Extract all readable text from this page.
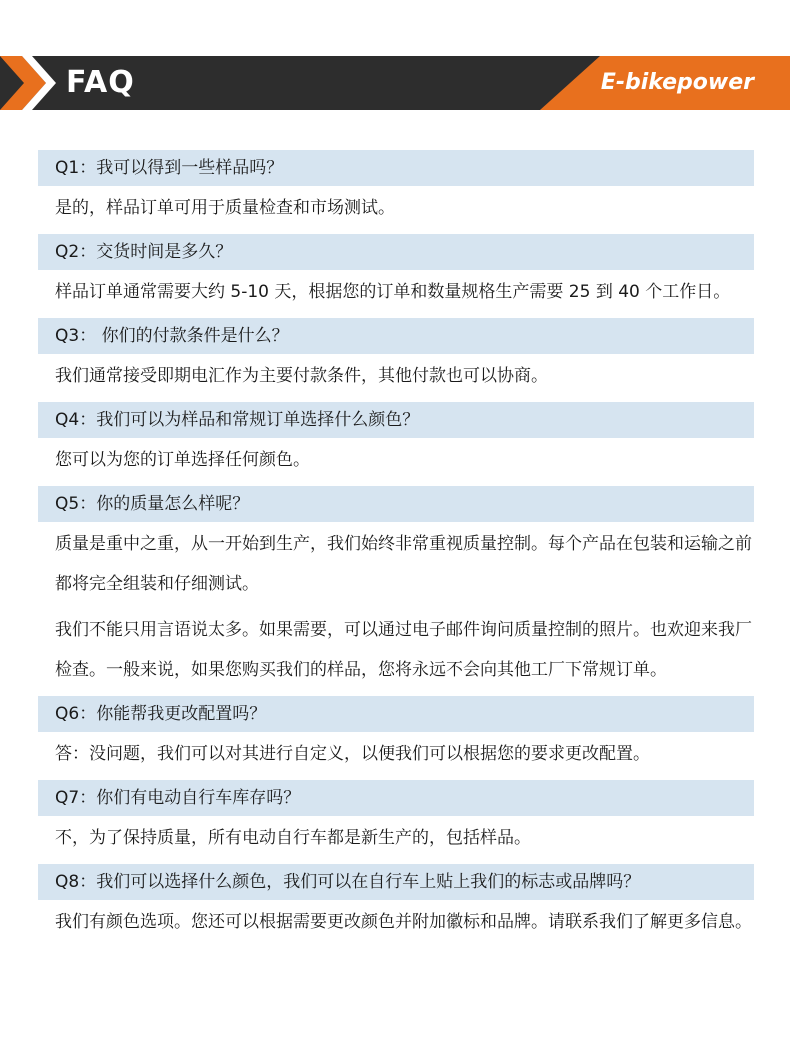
FAQ	E-bikepower
Q1：我可以得到一些样品吗？
是的，样品订单可用于质量检查和市场测试。
Q2：交货时间是多久？
样品订单通常需要大约 5-10 天，根据您的订单和数量规格生产需要 25 到 40 个工作日。
Q3： 你们的付款条件是什么？
我们通常接受即期电汇作为主要付款条件，其他付款也可以协商。
Q4：我们可以为样品和常规订单选择什么颜色？
您可以为您的订单选择任何颜色。
Q5：你的质量怎么样呢？
质量是重中之重，从一开始到生产，我们始终非常重视质量控制。每个产品在包装和运输之前都将完全组装和仔细测试。
我们不能只用言语说太多。如果需要，可以通过电子邮件询问质量控制的照片。也欢迎来我厂检查。一般来说，如果您购买我们的样品，您将永远不会向其他工厂下常规订单。
Q6：你能帮我更改配置吗？
答：没问题，我们可以对其进行自定义，以便我们可以根据您的要求更改配置。
Q7：你们有电动自行车库存吗？
不，为了保持质量，所有电动自行车都是新生产的，包括样品。
Q8：我们可以选择什么颜色，我们可以在自行车上贴上我们的标志或品牌吗？
我们有颜色选项。您还可以根据需要更改颜色并附加徽标和品牌。请联系我们了解更多信息。
